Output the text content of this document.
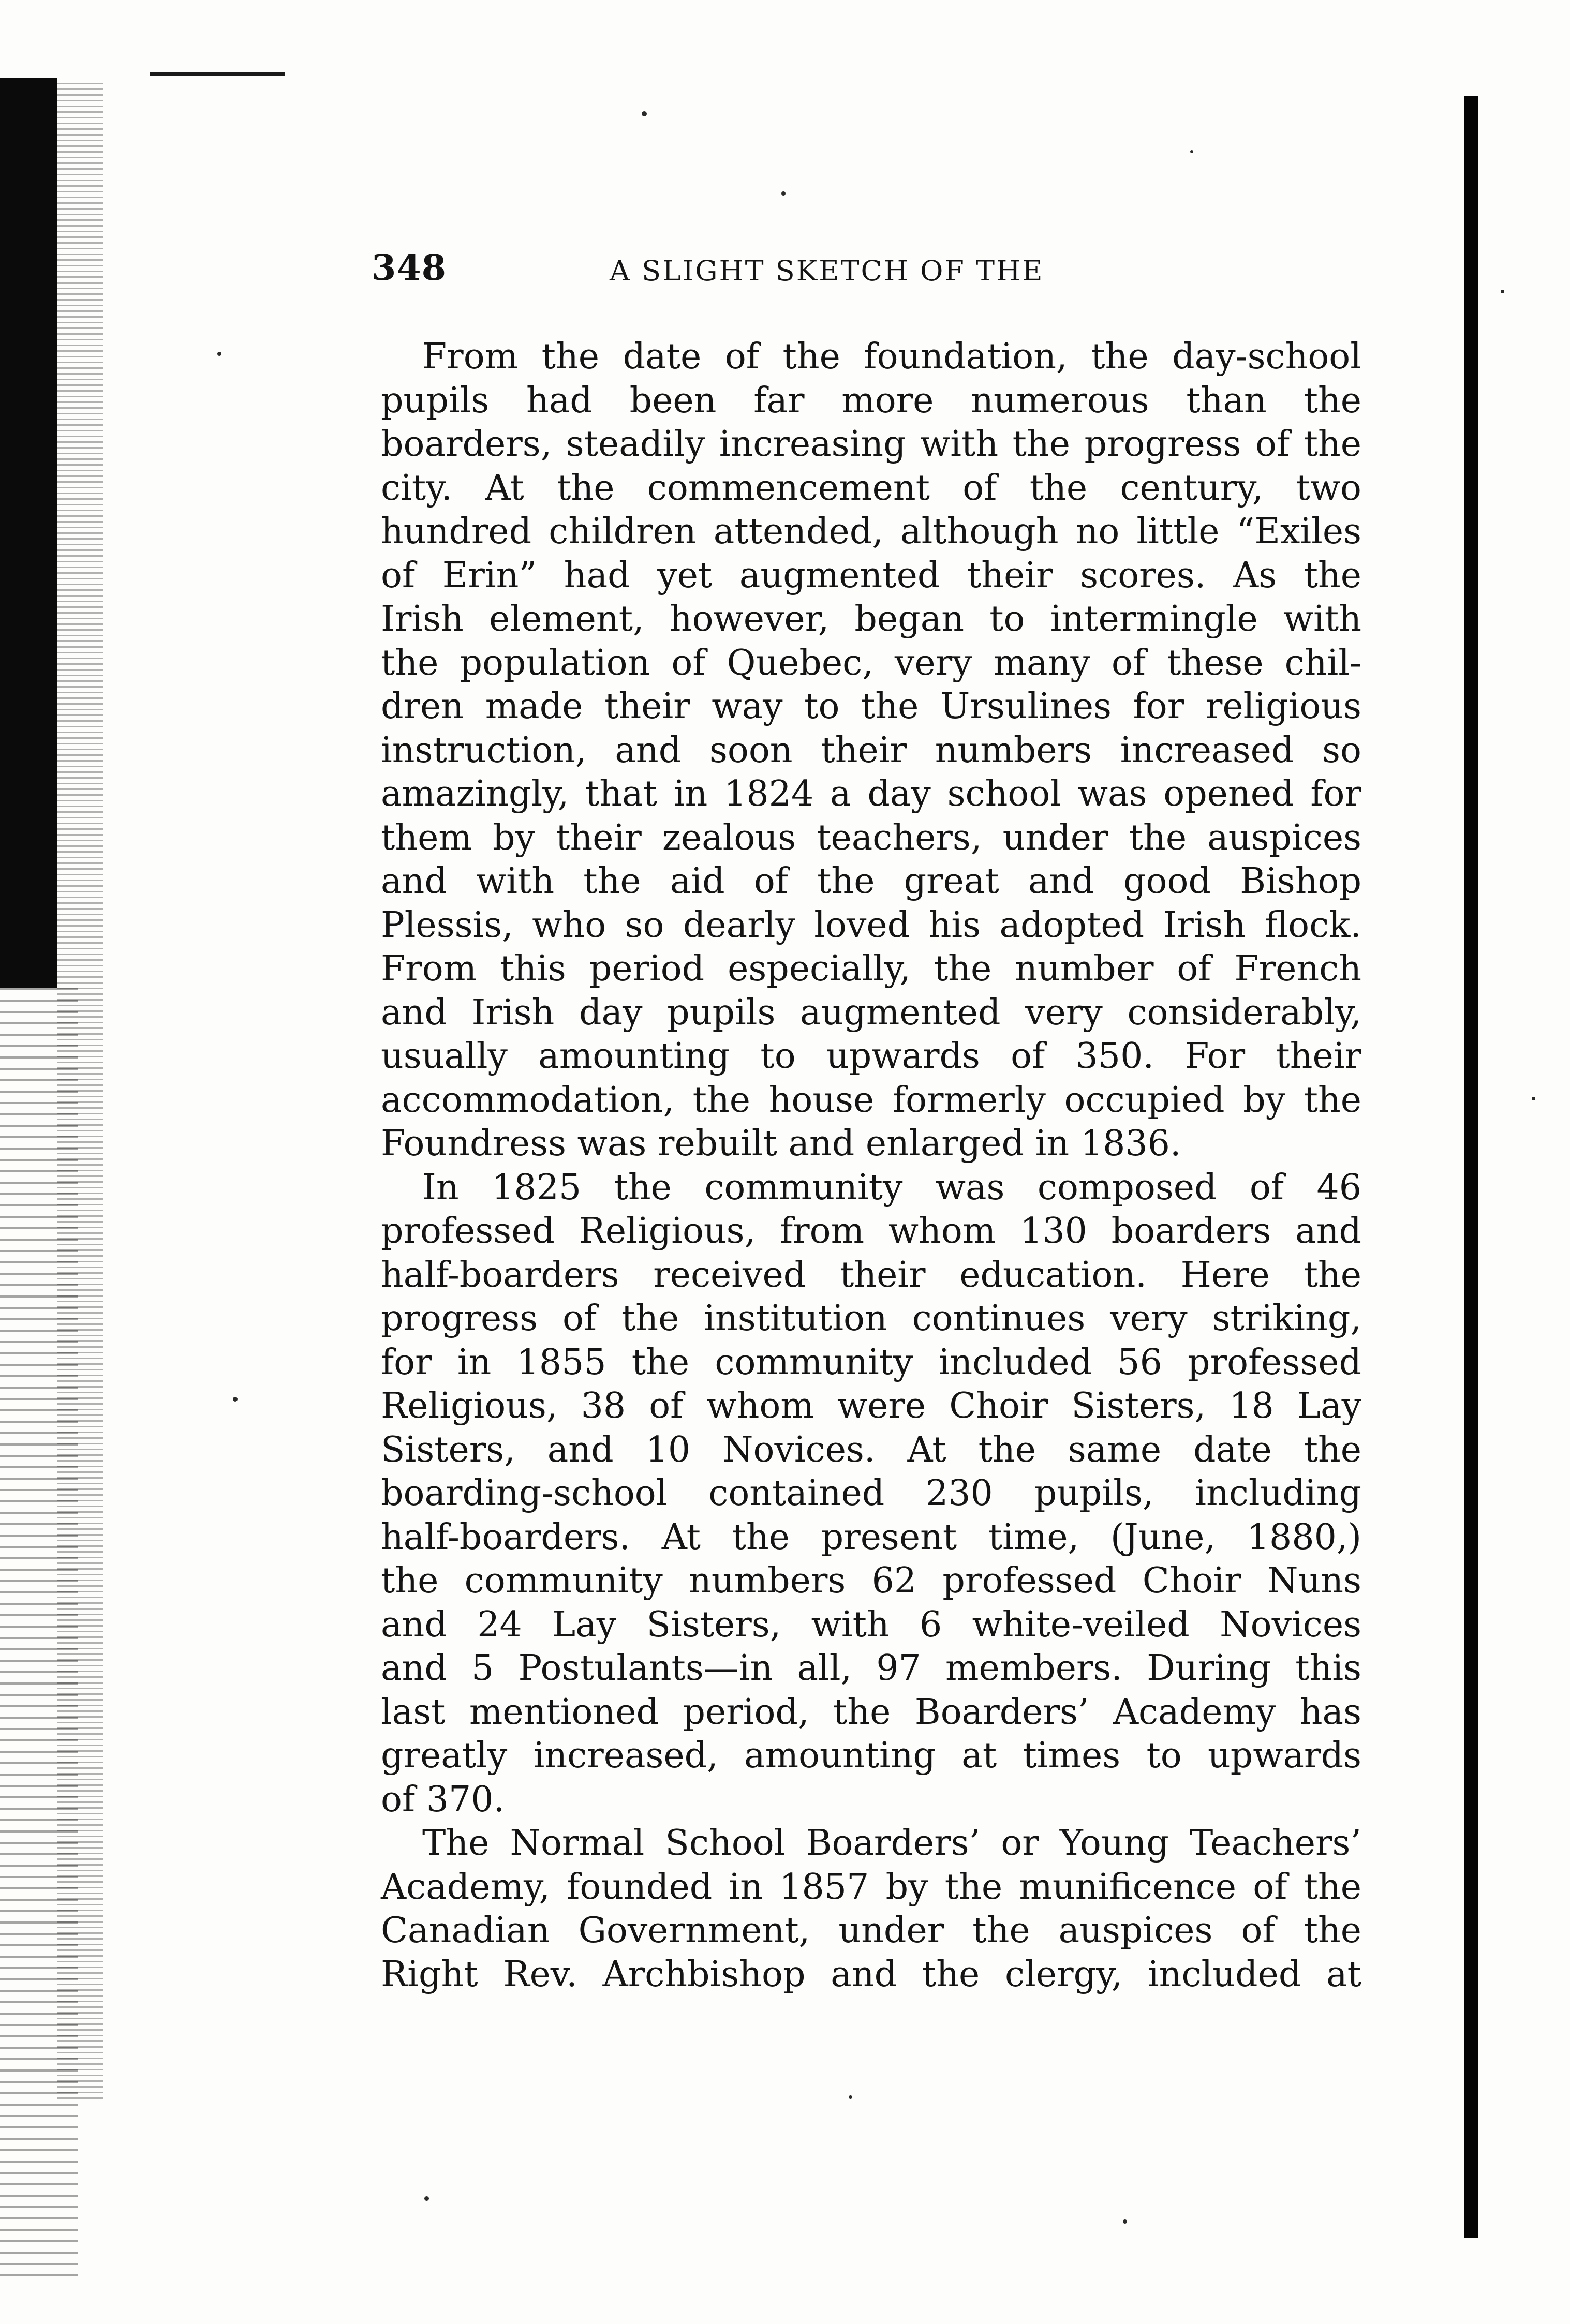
348	A SLIGHT SKETCH OF THE
From the date of the foundation, the day-school
pupils had been far more numerous than the
boarders, steadily increasing with the progress of the
city. At the commencement of the century, two
hundred children attended, although no little “Exiles
of Erin” had yet augmented their scores. As the
Irish element, however, began to intermingle with
the population of Quebec, very many of these chil-
dren made their way to the Ursulines for religious
instruction, and soon their numbers increased so
amazingly, that in 1824 a day school was opened for
them by their zealous teachers, under the auspices
and with the aid of the great and good Bishop
Plessis, who so dearly loved his adopted Irish flock.
From this period especially, the number of French
and Irish day pupils augmented very considerably,
usually amounting to upwards of 350. For their
accommodation, the house formerly occupied by the
Foundress was rebuilt and enlarged in 1836.
In 1825 the community was composed of 46
professed Religious, from whom 130 boarders and
half-boarders received their education. Here the
progress of the institution continues very striking,
for in 1855 the community included 56 professed
Religious, 38 of whom were Choir Sisters, 18 Lay
Sisters, and 10 Novices. At the same date the
boarding-school contained 230 pupils, including
half-boarders. At the present time, (June, 1880,)
the community numbers 62 professed Choir Nuns
and 24 Lay Sisters, with 6 white-veiled Novices
and 5 Postulants—in all, 97 members. During this
last mentioned period, the Boarders’ Academy has
greatly increased, amounting at times to upwards
of 370.
The Normal School Boarders’ or Young Teachers’
Academy, founded in 1857 by the munificence of the
Canadian Government, under the auspices of the
Right Rev. Archbishop and the clergy, included at
